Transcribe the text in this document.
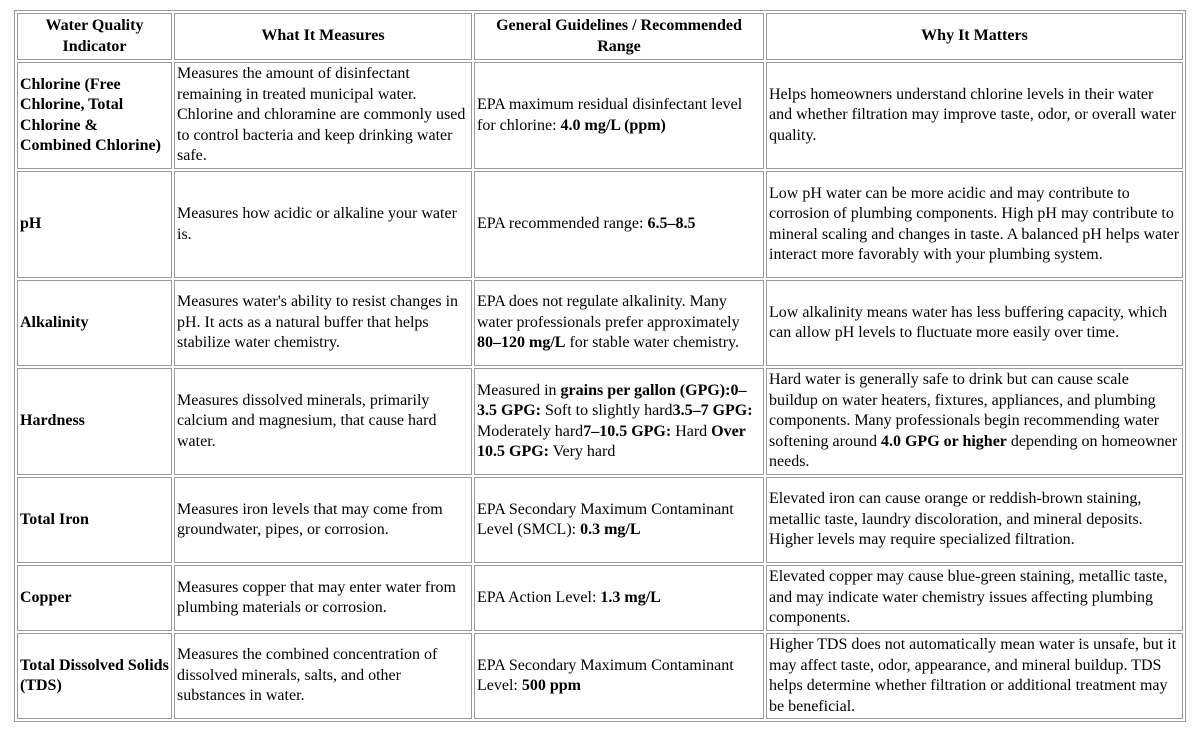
Water Quality Indicator	What It Measures	General Guidelines / Recommended Range	Why It Matters
Chlorine (Free Chlorine, Total Chlorine & Combined Chlorine)	Measures the amount of disinfectant remaining in treated municipal water. Chlorine and chloramine are commonly used to control bacteria and keep drinking water safe.	EPA maximum residual disinfectant level for chlorine: 4.0 mg/L (ppm)	Helps homeowners understand chlorine levels in their water and whether filtration may improve taste, odor, or overall water quality.
pH	Measures how acidic or alkaline your water is.	EPA recommended range: 6.5–8.5	Low pH water can be more acidic and may contribute to corrosion of plumbing components. High pH may contribute to mineral scaling and changes in taste. A balanced pH helps water interact more favorably with your plumbing system.
Alkalinity	Measures water's ability to resist changes in pH. It acts as a natural buffer that helps stabilize water chemistry.	EPA does not regulate alkalinity. Many water professionals prefer approximately 80–120 mg/L for stable water chemistry.	Low alkalinity means water has less buffering capacity, which can allow pH levels to fluctuate more easily over time.
Hardness	Measures dissolved minerals, primarily calcium and magnesium, that cause hard water.	Measured in grains per gallon (GPG):0–3.5 GPG: Soft to slightly hard3.5–7 GPG: Moderately hard7–10.5 GPG: Hard Over 10.5 GPG: Very hard	Hard water is generally safe to drink but can cause scale buildup on water heaters, fixtures, appliances, and plumbing components. Many professionals begin recommending water softening around 4.0 GPG or higher depending on homeowner needs.
Total Iron	Measures iron levels that may come from groundwater, pipes, or corrosion.	EPA Secondary Maximum Contaminant Level (SMCL): 0.3 mg/L	Elevated iron can cause orange or reddish-brown staining, metallic taste, laundry discoloration, and mineral deposits. Higher levels may require specialized filtration.
Copper	Measures copper that may enter water from plumbing materials or corrosion.	EPA Action Level: 1.3 mg/L	Elevated copper may cause blue-green staining, metallic taste, and may indicate water chemistry issues affecting plumbing components.
Total Dissolved Solids (TDS)	Measures the combined concentration of dissolved minerals, salts, and other substances in water.	EPA Secondary Maximum Contaminant Level: 500 ppm	Higher TDS does not automatically mean water is unsafe, but it may affect taste, odor, appearance, and mineral buildup. TDS helps determine whether filtration or additional treatment may be beneficial.
